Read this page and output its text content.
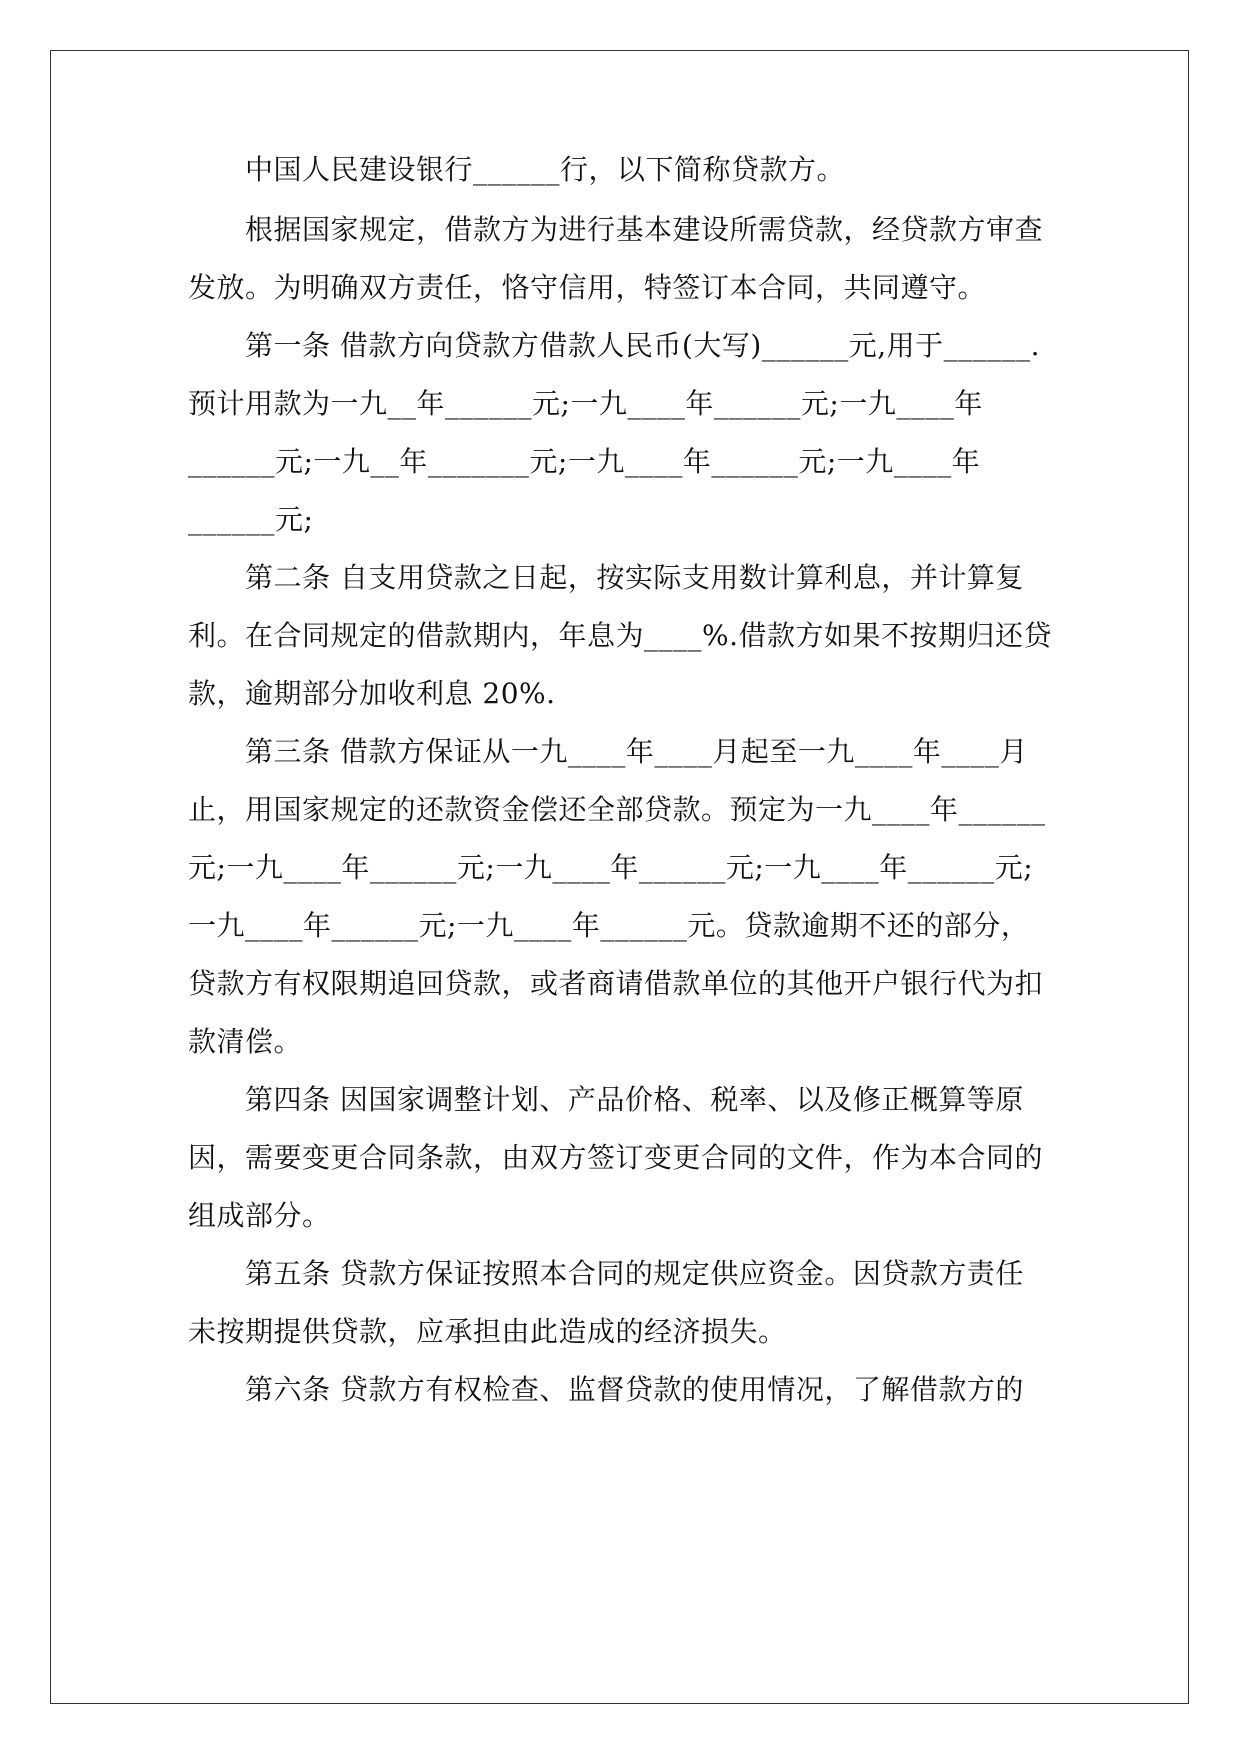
中国人民建设银行______行，以下简称贷款方。
根据国家规定，借款方为进行基本建设所需贷款，经贷款方审查
发放。为明确双方责任，恪守信用，特签订本合同，共同遵守。
第一条 借款方向贷款方借款人民币(大写)______元,用于______.
预计用款为一九__年______元;一九____年______元;一九____年
______元;一九__年_______元;一九____年______元;一九____年
______元;
第二条 自支用贷款之日起，按实际支用数计算利息，并计算复
利。在合同规定的借款期内，年息为____%.借款方如果不按期归还贷
款，逾期部分加收利息 20%.
第三条 借款方保证从一九____年____月起至一九____年____月
止，用国家规定的还款资金偿还全部贷款。预定为一九____年______
元;一九____年______元;一九____年______元;一九____年______元;
一九____年______元;一九____年______元。贷款逾期不还的部分，
贷款方有权限期追回贷款，或者商请借款单位的其他开户银行代为扣
款清偿。
第四条 因国家调整计划、产品价格、税率、以及修正概算等原
因，需要变更合同条款，由双方签订变更合同的文件，作为本合同的
组成部分。
第五条 贷款方保证按照本合同的规定供应资金。因贷款方责任
未按期提供贷款，应承担由此造成的经济损失。
第六条 贷款方有权检查、监督贷款的使用情况，了解借款方的
